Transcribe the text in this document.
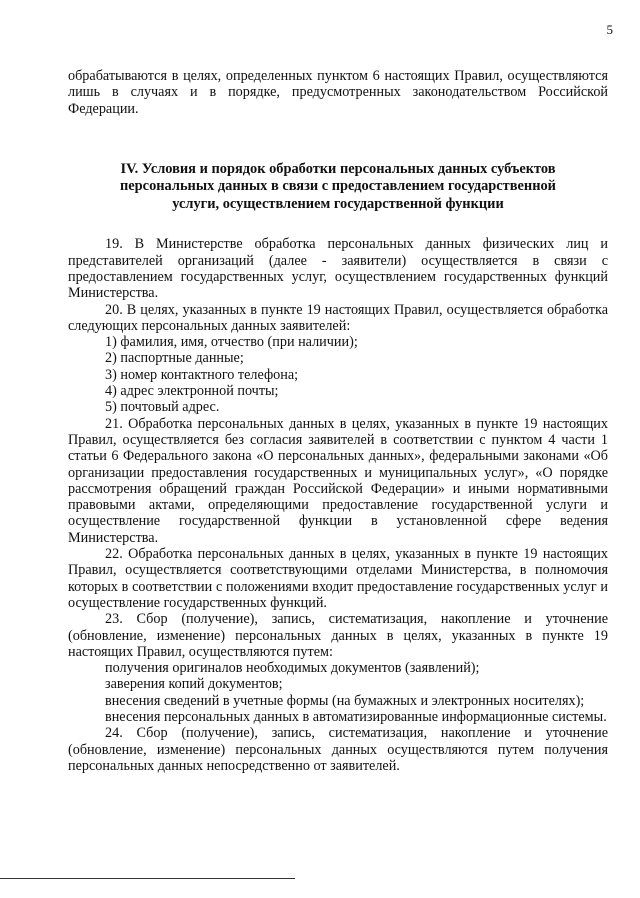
5

обрабатываются в целях, определенных пунктом 6 настоящих Правил, осуществляются лишь в случаях и в порядке, предусмотренных законодательством Российской Федерации.

IV. Условия и порядок обработки персональных данных субъектов персональных данных в связи с предоставлением государственной услуги, осуществлением государственной функции

19. В Министерстве обработка персональных данных физических лиц и представителей организаций (далее - заявители) осуществляется в связи с предоставлением государственных услуг, осуществлением государственных функций Министерства.

20. В целях, указанных в пункте 19 настоящих Правил, осуществляется обработка следующих персональных данных заявителей:

1) фамилия, имя, отчество (при наличии);

2) паспортные данные;

3) номер контактного телефона;

4) адрес электронной почты;

5) почтовый адрес.

21. Обработка персональных данных в целях, указанных в пункте 19 настоящих Правил, осуществляется без согласия заявителей в соответствии с пунктом 4 части 1 статьи 6 Федерального закона «О персональных данных», федеральными законами «Об организации предоставления государственных и муниципальных услуг», «О порядке рассмотрения обращений граждан Российской Федерации» и иными нормативными правовыми актами, определяющими предоставление государственной услуги и осуществление государственной функции в установленной сфере ведения Министерства.

22. Обработка персональных данных в целях, указанных в пункте 19 настоящих Правил, осуществляется соответствующими отделами Министерства, в полномочия которых в соответствии с положениями входит предоставление государственных услуг и осуществление государственных функций.

23. Сбор (получение), запись, систематизация, накопление и уточнение (обновление, изменение) персональных данных в целях, указанных в пункте 19 настоящих Правил, осуществляются путем:

получения оригиналов необходимых документов (заявлений);

заверения копий документов;

внесения сведений в учетные формы (на бумажных и электронных носителях);

внесения персональных данных в автоматизированные информационные системы.

24. Сбор (получение), запись, систематизация, накопление и уточнение (обновление, изменение) персональных данных осуществляются путем получения персональных данных непосредственно от заявителей.
